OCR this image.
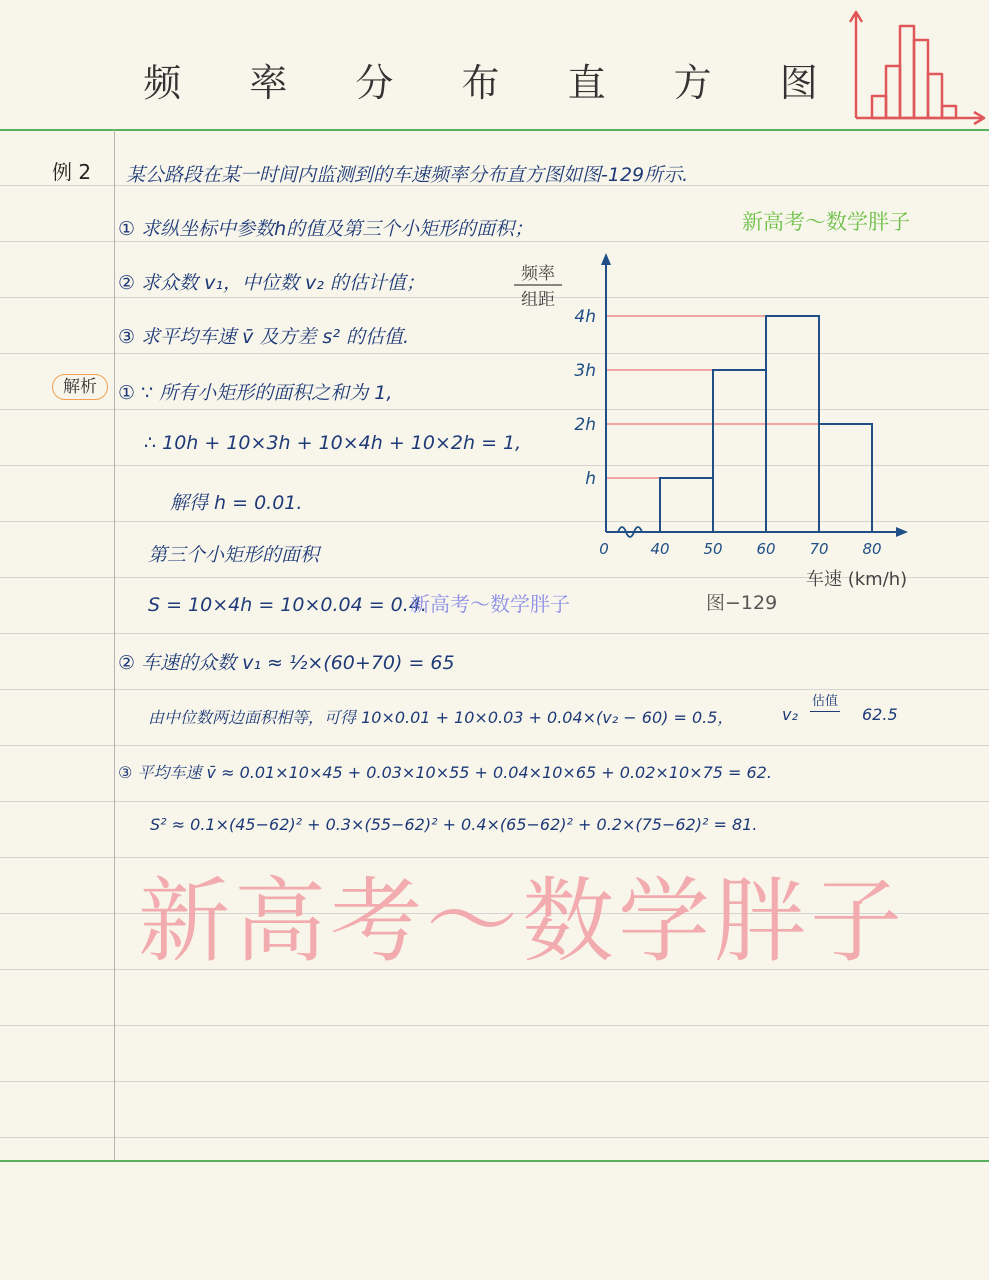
频 率 分 布 直 方 图
例 2
解析
某公路段在某一时间内监测到的车速频率分布直方图如图-129所示.
① 求纵坐标中参数h的值及第三个小矩形的面积；
② 求众数 v₁，中位数 v₂ 的估计值；
③ 求平均车速 v̄ 及方差 s² 的估值.
① ∵ 所有小矩形的面积之和为 1,
∴ 10h + 10×3h + 10×4h + 10×2h = 1,
解得 h = 0.01.
第三个小矩形的面积
S = 10×4h = 10×0.04 = 0.4.
② 车速的众数 v₁ ≈ ½×(60+70) = 65
由中位数两边面积相等，可得 10×0.01 + 10×0.03 + 0.04×(v₂ − 60) = 0.5，	v₂
估值
62.5
③ 平均车速 v̄ ≈ 0.01×10×45 + 0.03×10×55 + 0.04×10×65 + 0.02×10×75 = 62.
S² ≈ 0.1×(45−62)² + 0.3×(55−62)² + 0.4×(65−62)² + 0.2×(75−62)² = 81.
新高考～数学胖子
新高考～数学胖子
新高考～数学胖子
图−129
0	40 50 60 70 80
h
2h
3h
4h
频率
组距
车速 (km/h)
